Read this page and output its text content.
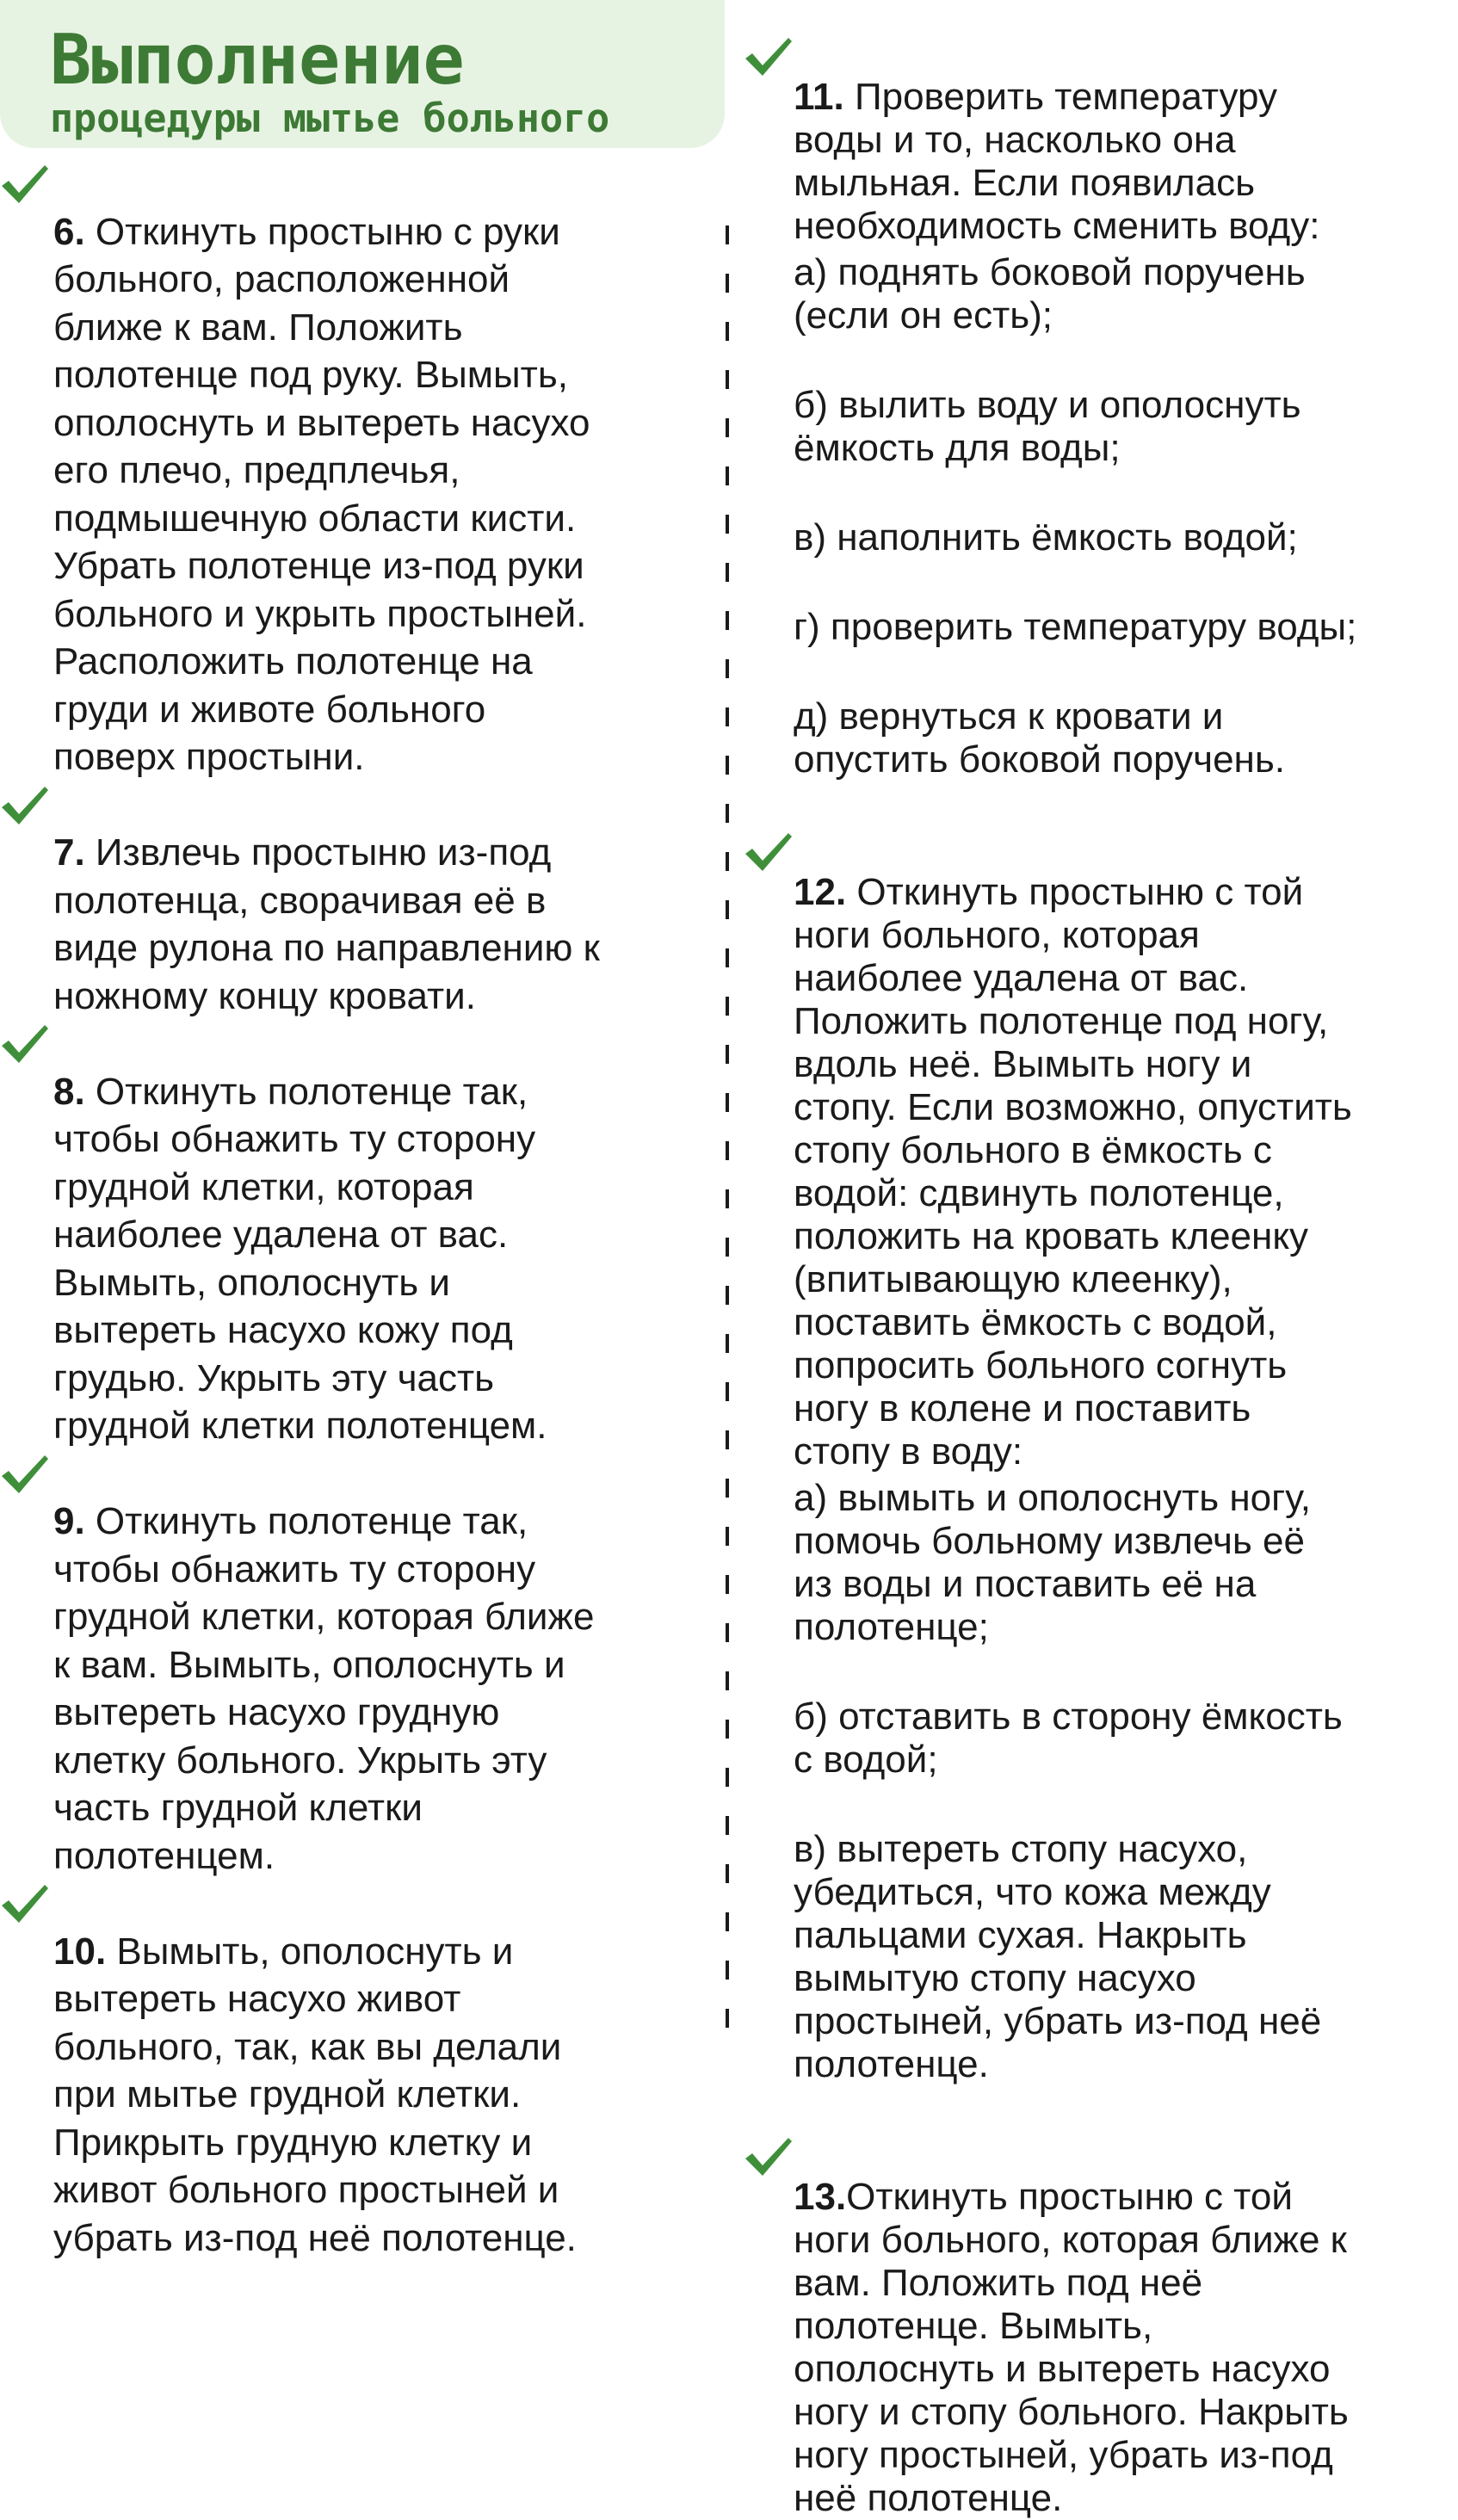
Выполнение
процедуры мытье больного

6. Откинуть простыню с руки
больного, расположенной
ближе к вам. Положить
полотенце под руку. Вымыть,
ополоснуть и вытереть насухо
его плечо, предплечья,
подмышечную области кисти.
Убрать полотенце из-под руки
больного и укрыть простыней.
Расположить полотенце на
груди и животе больного
поверх простыни.

7. Извлечь простыню из-под
полотенца, сворачивая её в
виде рулона по направлению к
ножному концу кровати.

8. Откинуть полотенце так,
чтобы обнажить ту сторону
грудной клетки, которая
наиболее удалена от вас.
Вымыть, ополоснуть и
вытереть насухо кожу под
грудью. Укрыть эту часть
грудной клетки полотенцем.

9. Откинуть полотенце так,
чтобы обнажить ту сторону
грудной клетки, которая ближе
к вам. Вымыть, ополоснуть и
вытереть насухо грудную
клетку больного. Укрыть эту
часть грудной клетки
полотенцем.

10. Вымыть, ополоснуть и
вытереть насухо живот
больного, так, как вы делали
при мытье грудной клетки.
Прикрыть грудную клетку и
живот больного простыней и
убрать из-под неё полотенце.

11. Проверить температуру
воды и то, насколько она
мыльная. Если появилась
необходимость сменить воду:

а) поднять боковой поручень
(если он есть);

б) вылить воду и ополоснуть
ёмкость для воды;

в) наполнить ёмкость водой;

г) проверить температуру воды;

д) вернуться к кровати и
опустить боковой поручень.

12. Откинуть простыню с той
ноги больного, которая
наиболее удалена от вас.
Положить полотенце под ногу,
вдоль неё. Вымыть ногу и
стопу. Если возможно, опустить
стопу больного в ёмкость с
водой: сдвинуть полотенце,
положить на кровать клеенку
(впитывающую клеенку),
поставить ёмкость с водой,
попросить больного согнуть
ногу в колене и поставить
стопу в воду:

а) вымыть и ополоснуть ногу,
помочь больному извлечь её
из воды и поставить её на
полотенце;

б) отставить в сторону ёмкость
с водой;

в) вытереть стопу насухо,
убедиться, что кожа между
пальцами сухая. Накрыть
вымытую стопу насухо
простыней, убрать из-под неё
полотенце.

13.Откинуть простыню с той
ноги больного, которая ближе к
вам. Положить под неё
полотенце. Вымыть,
ополоснуть и вытереть насухо
ногу и стопу больного. Накрыть
ногу простыней, убрать из-под
неё полотенце.
